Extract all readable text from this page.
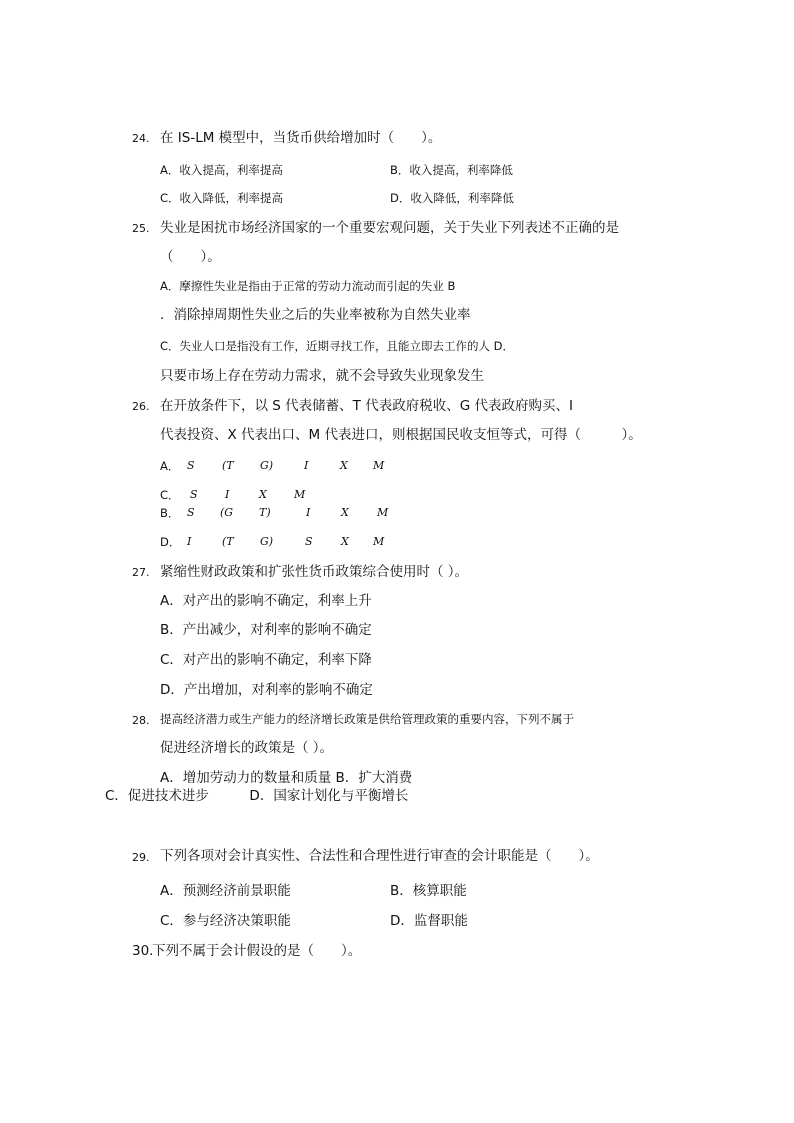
24. 在 IS-LM 模型中，当货币供给增加时（　　）。
A．收入提高，利率提高	B．收入提高，利率降低
C．收入降低，利率提高	D．收入降低，利率降低
25. 失业是困扰市场经济国家的一个重要宏观问题，关于失业下列表述不正确的是
（　　）。
A．摩擦性失业是指由于正常的劳动力流动而引起的失业 B
．消除掉周期性失业之后的失业率被称为自然失业率
C．失业人口是指没有工作，近期寻找工作，且能立即去工作的人 D．
只要市场上存在劳动力需求，就不会导致失业现象发生
26. 在开放条件下，以 S 代表储蓄、T 代表政府税收、G 代表政府购买、I
代表投资、X 代表出口、M 代表进口，则根据国民收支恒等式，可得（　　　）。
A． S (T G)	I	X M
C． S I	X M
B． S (G T)	I	X	M
D． I	(T G)	S	X M
27. 紧缩性财政政策和扩张性货币政策综合使用时（ ）。
A．对产出的影响不确定，利率上升
B．产出减少，对利率的影响不确定
C．对产出的影响不确定，利率下降
D．产出增加，对利率的影响不确定
28. 提高经济潜力或生产能力的经济增长政策是供给管理政策的重要内容，下列不属于
促进经济增长的政策是（ ）。
A．增加劳动力的数量和质量 B．扩大消费
C．促进技术进步　　　D．国家计划化与平衡增长
29. 下列各项对会计真实性、合法性和合理性进行审查的会计职能是（　　）。
A．预测经济前景职能	B．核算职能
C．参与经济决策职能	D．监督职能
30.
下列不属于会计假设的是（　　）。
